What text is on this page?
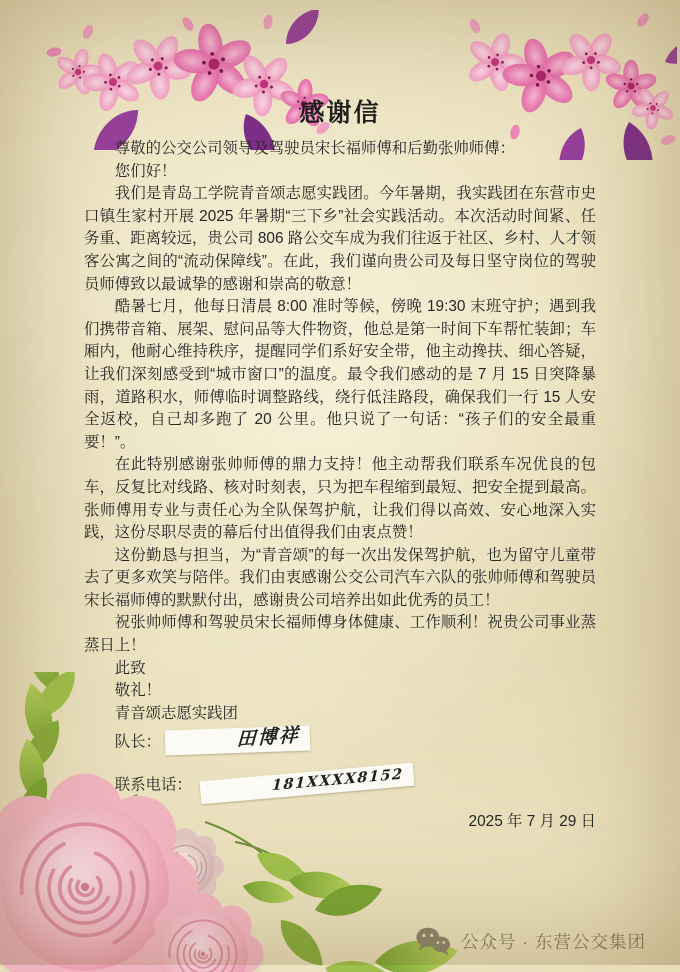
感谢信
尊敬的公交公司领导及驾驶员宋长福师傅和后勤张帅师傅：
您们好！

我们是青岛工学院青音颂志愿实践团。今年暑期，我实践团在东营市史口镇生家村开展 2025 年暑期“三下乡”社会实践活动。本次活动时间紧、任务重、距离较远，贵公司 806 路公交车成为我们往返于社区、乡村、人才领客公寓之间的“流动保障线”。在此，我们谨向贵公司及每日坚守岗位的驾驶员师傅致以最诚挚的感谢和崇高的敬意！

酷暑七月，他每日清晨 8:00 准时等候，傍晚 19:30 末班守护；遇到我们携带音箱、展架、慰问品等大件物资，他总是第一时间下车帮忙装卸；车厢内，他耐心维持秩序，提醒同学们系好安全带，他主动搀扶、细心答疑，让我们深刻感受到“城市窗口”的温度。最令我们感动的是 7 月 15 日突降暴雨，道路积水，师傅临时调整路线，绕行低洼路段，确保我们一行 15 人安全返校，自己却多跑了 20 公里。他只说了一句话：“孩子们的安全最重要！”。

在此特别感谢张帅师傅的鼎力支持！他主动帮我们联系车况优良的包车，反复比对线路、核对时刻表，只为把车程缩到最短、把安全提到最高。张师傅用专业与责任心为全队保驾护航，让我们得以高效、安心地深入实践，这份尽职尽责的幕后付出值得我们由衷点赞！

这份勤恳与担当，为“青音颂”的每一次出发保驾护航，也为留守儿童带去了更多欢笑与陪伴。我们由衷感谢公交公司汽车六队的张帅师傅和驾驶员宋长福师傅的默默付出，感谢贵公司培养出如此优秀的员工！

祝张帅师傅和驾驶员宋长福师傅身体健康、工作顺利！祝贵公司事业蒸蒸日上！

此致
敬礼！
青音颂志愿实践团
队长：	田博祥
联系电话：	181XXXX8152
2025 年 7 月 29 日
公众号 · 东营公交集团
